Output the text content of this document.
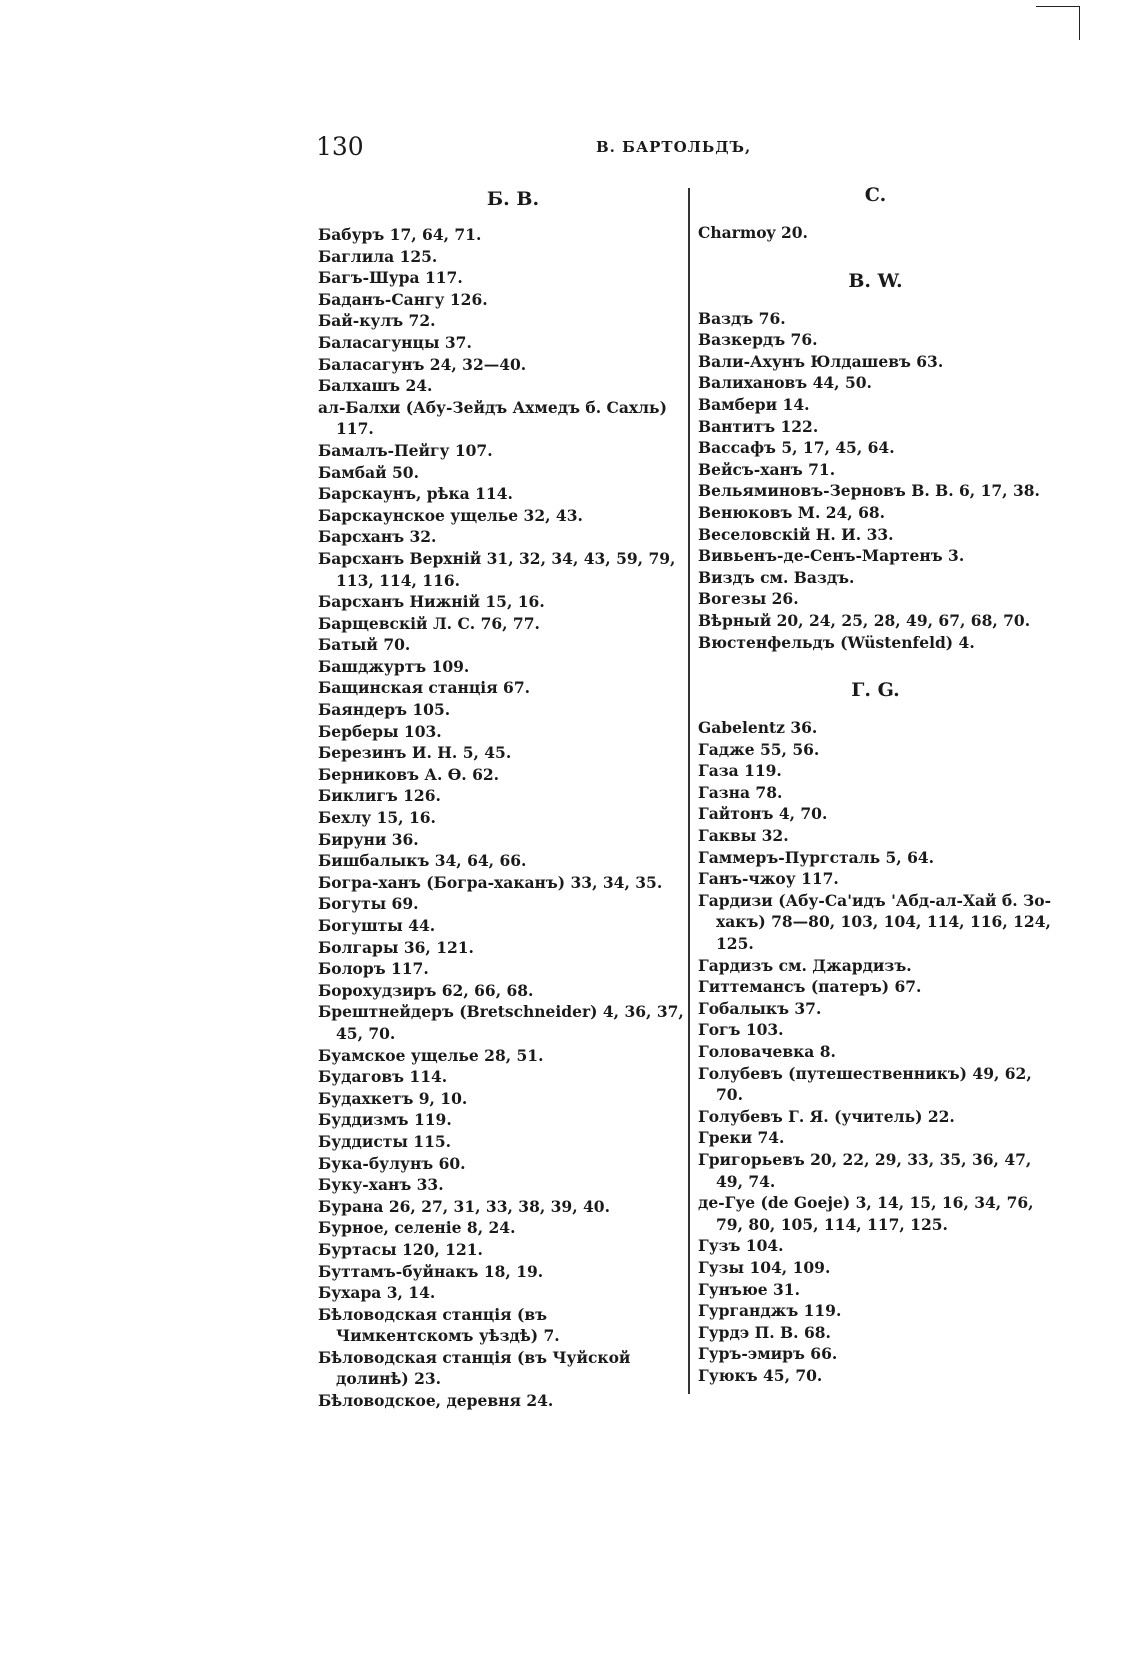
130	В. БАРТОЛЬДЪ,
Б. В.
Бабуръ 17, 64, 71.
Баглила 125.
Багъ-Шура 117.
Баданъ-Сангу 126.
Бай-кулъ 72.
Баласагунцы 37.
Баласагунъ 24, 32—40.
Балхашъ 24.
ал-Балхи (Абу-Зейдъ Ахмедъ б. Сахль) 117.
Бамалъ-Пейгу 107.
Бамбай 50.
Барскаунъ, рѣка 114.
Барскаунское ущелье 32, 43.
Барсханъ 32.
Барсханъ Верхній 31, 32, 34, 43, 59, 79, 113, 114, 116.
Барсханъ Нижній 15, 16.
Барщевскій Л. С. 76, 77.
Батый 70.
Башджуртъ 109.
Бащинская станція 67.
Баяндеръ 105.
Берберы 103.
Березинъ И. Н. 5, 45.
Берниковъ А. Ѳ. 62.
Биклигъ 126.
Бехлу 15, 16.
Бируни 36.
Бишбалыкъ 34, 64, 66.
Богра-ханъ (Богра-хаканъ) 33, 34, 35.
Богуты 69.
Богушты 44.
Болгары 36, 121.
Болоръ 117.
Борохудзиръ 62, 66, 68.
Брештнейдеръ (Bretschneider) 4, 36, 37, 45, 70.
Буамское ущелье 28, 51.
Будаговъ 114.
Будахкетъ 9, 10.
Буддизмъ 119.
Буддисты 115.
Бука-булунъ 60.
Буку-ханъ 33.
Бурана 26, 27, 31, 33, 38, 39, 40.
Бурное, селеніе 8, 24.
Буртасы 120, 121.
Буттамъ-буйнакъ 18, 19.
Бухара 3, 14.
Бѣловодская станція (въ Чимкентскомъ уѣздѣ) 7.
Бѣловодская станція (въ Чуйской долинѣ) 23.
Бѣловодское, деревня 24.
C.
Charmoy 20.
В. W.
Ваздъ 76.
Вазкердъ 76.
Вали-Ахунъ Юлдашевъ 63.
Валихановъ 44, 50.
Вамбери 14.
Вантитъ 122.
Вассафъ 5, 17, 45, 64.
Вейсъ-ханъ 71.
Вельяминовъ-Зерновъ В. В. 6, 17, 38.
Венюковъ М. 24, 68.
Веселовскій Н. И. 33.
Вивьенъ-де-Сенъ-Мартенъ 3.
Виздъ см. Ваздъ.
Вогезы 26.
Вѣрный 20, 24, 25, 28, 49, 67, 68, 70.
Вюстенфельдъ (Wüstenfeld) 4.
Г. G.
Gabelentz 36.
Гадже 55, 56.
Газа 119.
Газна 78.
Гайтонъ 4, 70.
Гаквы 32.
Гаммеръ-Пургсталь 5, 64.
Ганъ-чжоу 117.
Гардизи (Абу-Са'идъ 'Абд-ал-Хай б. Зо-хакъ) 78—80, 103, 104, 114, 116, 124, 125.
Гардизъ см. Джардизъ.
Гиттемансъ (патеръ) 67.
Гобалыкъ 37.
Гогъ 103.
Головачевка 8.
Голубевъ (путешественникъ) 49, 62, 70.
Голубевъ Г. Я. (учитель) 22.
Греки 74.
Григорьевъ 20, 22, 29, 33, 35, 36, 47, 49, 74.
де-Гуе (de Goeje) 3, 14, 15, 16, 34, 76, 79, 80, 105, 114, 117, 125.
Гузъ 104.
Гузы 104, 109.
Гунъюе 31.
Гурганджъ 119.
Гурдэ П. В. 68.
Гуръ-эмиръ 66.
Гуюкъ 45, 70.
